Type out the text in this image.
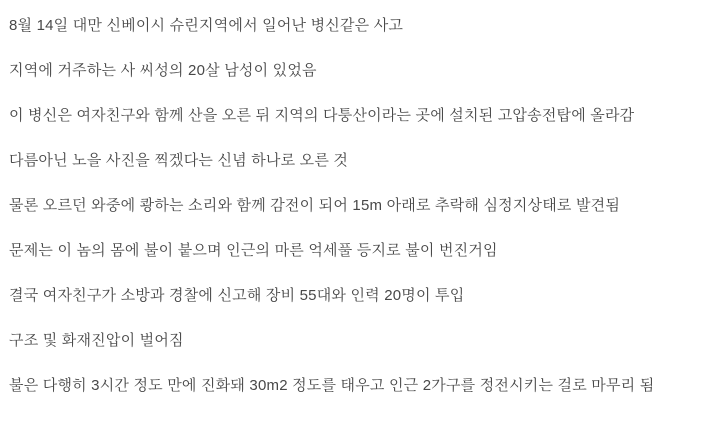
8월 14일 대만 신베이시 슈린지역에서 일어난 병신같은 사고

지역에 거주하는 사 씨성의 20살 남성이 있었음

이 병신은 여자친구와 함께 산을 오른 뒤 지역의 다퉁산이라는 곳에 설치된 고압송전탑에 올라감

다름아닌 노을 사진을 찍겠다는 신념 하나로 오른 것

물론 오르던 와중에 쾅하는 소리와 함께 감전이 되어 15m 아래로 추락해 심정지상태로 발견됨

문제는 이 놈의 몸에 불이 붙으며 인근의 마른 억세풀 등지로 불이 번진거임

결국 여자친구가 소방과 경찰에 신고해 장비 55대와 인력 20명이 투입

구조 및 화재진압이 벌어짐

불은 다행히 3시간 정도 만에 진화돼 30m2 정도를 태우고 인근 2가구를 정전시키는 걸로 마무리 됨
